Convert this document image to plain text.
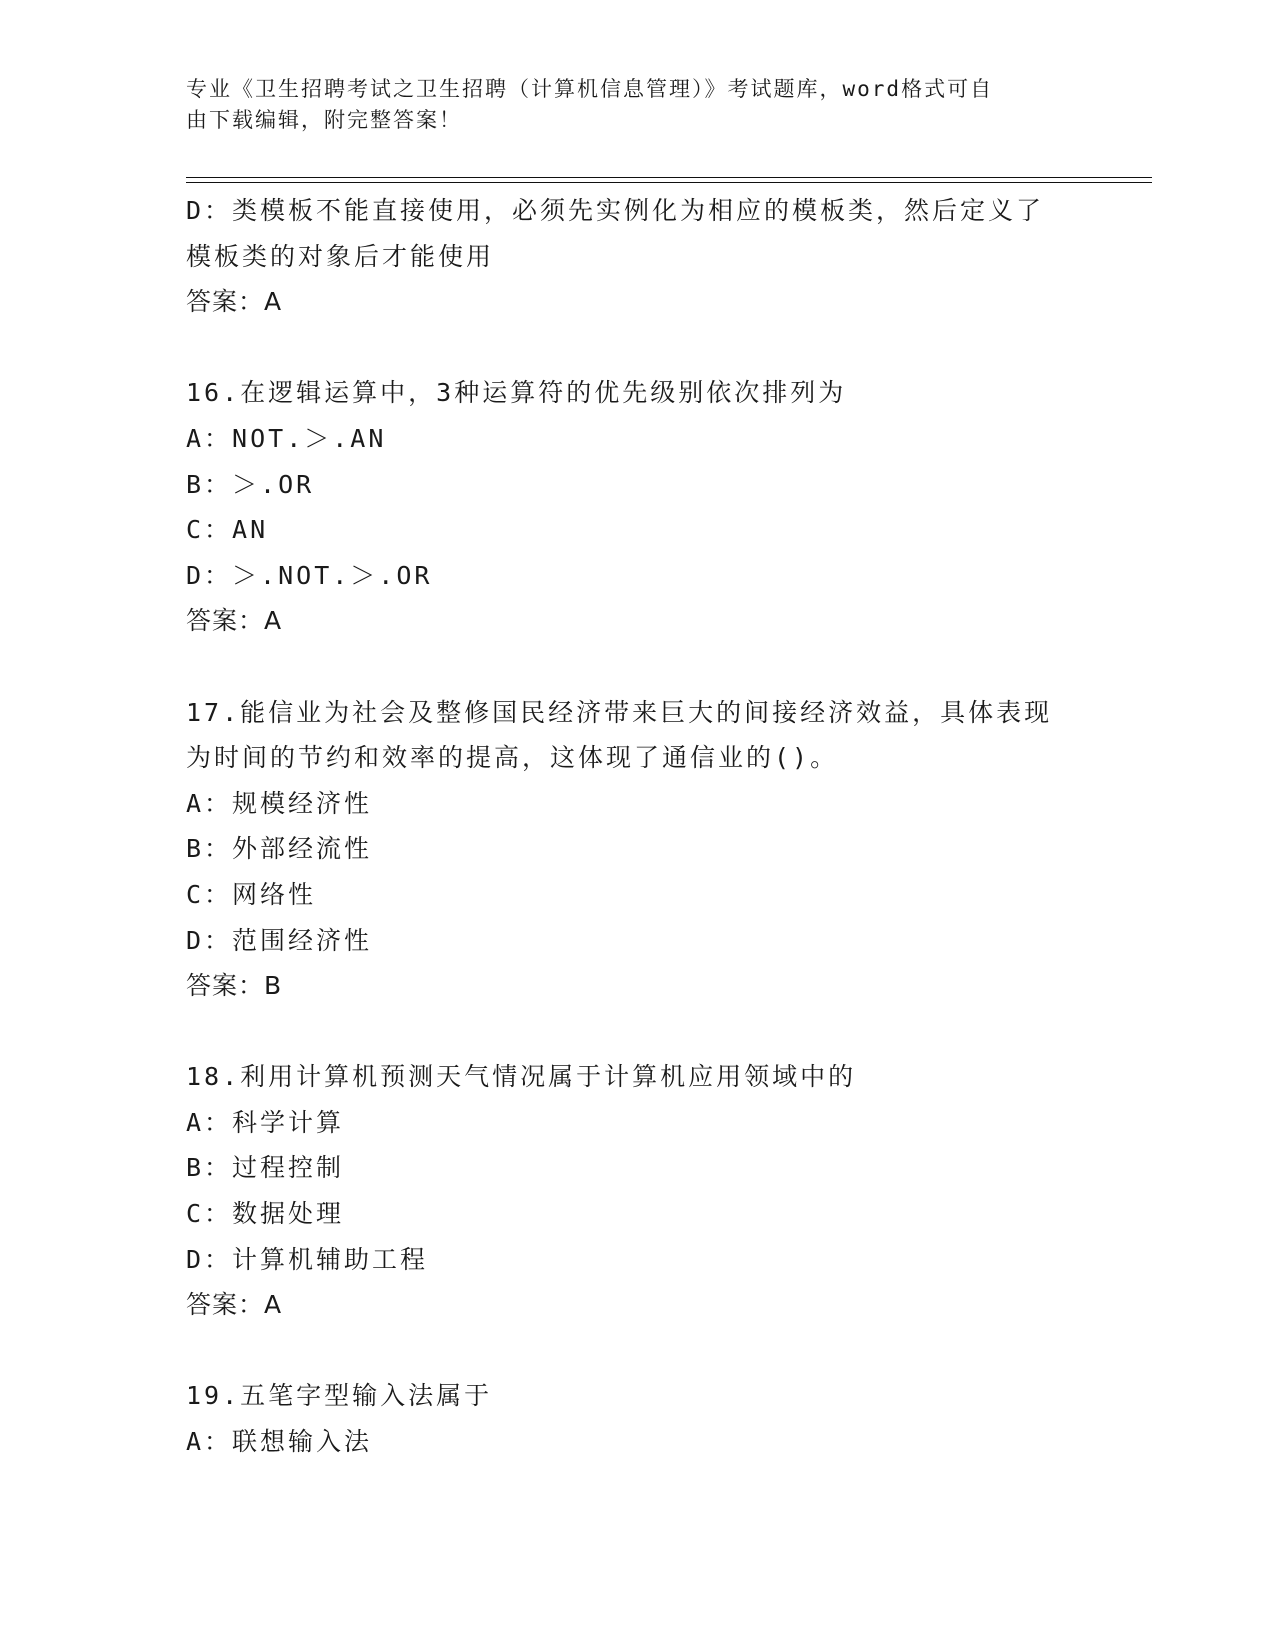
专业《卫生招聘考试之卫生招聘（计算机信息管理）》考试题库，word格式可自
由下载编辑，附完整答案！
D：类模板不能直接使用，必须先实例化为相应的模板类，然后定义了
模板类的对象后才能使用
答案：A
16.在逻辑运算中，3种运算符的优先级别依次排列为
A：NOT.＞.AN
B：＞.OR
C：AN
D：＞.NOT.＞.OR
答案：A
17.能信业为社会及整修国民经济带来巨大的间接经济效益，具体表现
为时间的节约和效率的提高，这体现了通信业的()。
A：规模经济性
B：外部经流性
C：网络性
D：范围经济性
答案：B
18.利用计算机预测天气情况属于计算机应用领域中的
A：科学计算
B：过程控制
C：数据处理
D：计算机辅助工程
答案：A
19.五笔字型输入法属于
A：联想输入法
